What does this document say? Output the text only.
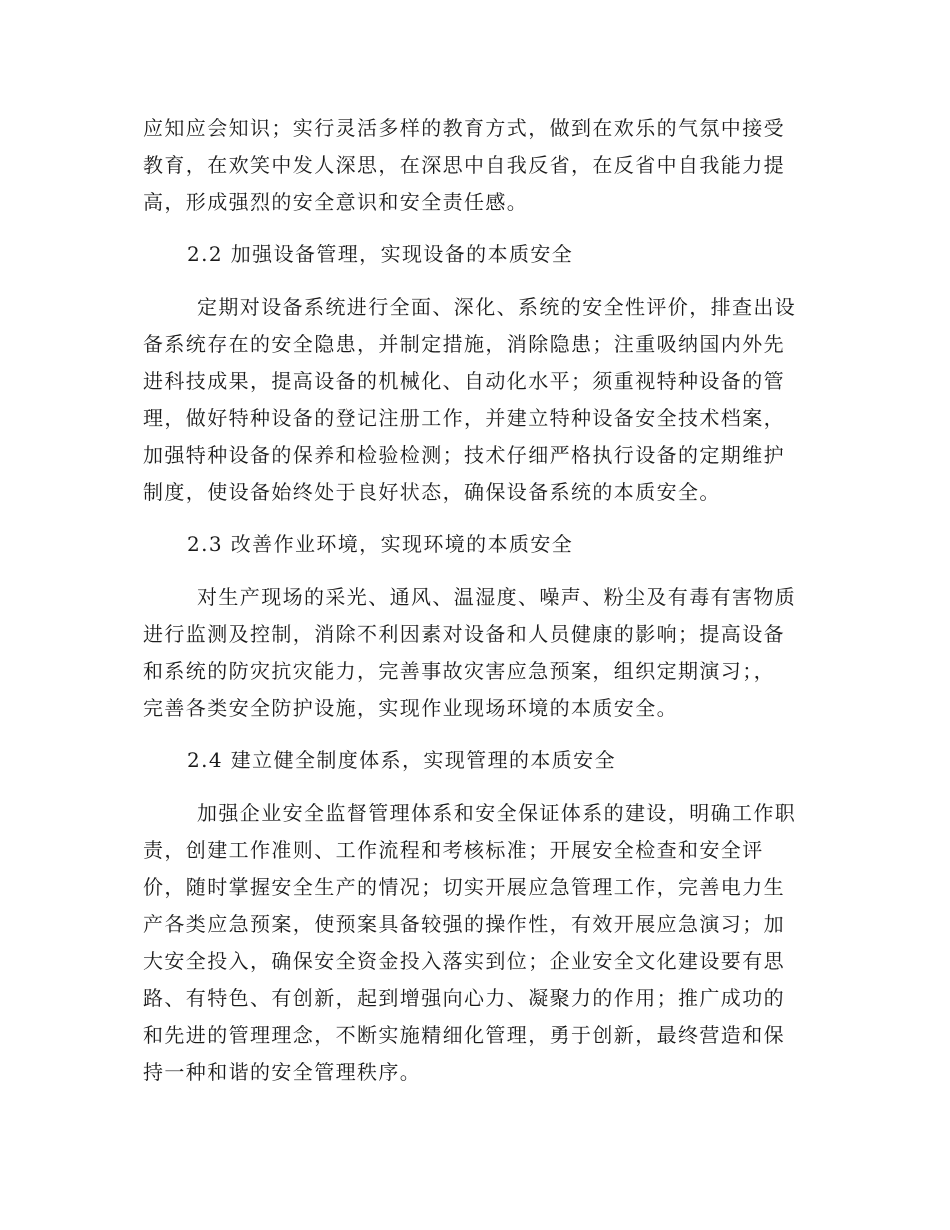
应知应会知识；实行灵活多样的教育方式，做到在欢乐的气氛中接受
教育，在欢笑中发人深思，在深思中自我反省，在反省中自我能力提
高，形成强烈的安全意识和安全责任感。
2.2 加强设备管理，实现设备的本质安全
定期对设备系统进行全面、深化、系统的安全性评价，排查出设
备系统存在的安全隐患，并制定措施，消除隐患；注重吸纳国内外先
进科技成果，提高设备的机械化、自动化水平；须重视特种设备的管
理，做好特种设备的登记注册工作，并建立特种设备安全技术档案，
加强特种设备的保养和检验检测；技术仔细严格执行设备的定期维护
制度，使设备始终处于良好状态，确保设备系统的本质安全。
2.3 改善作业环境，实现环境的本质安全
对生产现场的采光、通风、温湿度、噪声、粉尘及有毒有害物质
进行监测及控制，消除不利因素对设备和人员健康的影响；提高设备
和系统的防灾抗灾能力，完善事故灾害应急预案，组织定期演习；，
完善各类安全防护设施，实现作业现场环境的本质安全。
2.4 建立健全制度体系，实现管理的本质安全
加强企业安全监督管理体系和安全保证体系的建设，明确工作职
责，创建工作准则、工作流程和考核标准；开展安全检查和安全评
价，随时掌握安全生产的情况；切实开展应急管理工作，完善电力生
产各类应急预案，使预案具备较强的操作性，有效开展应急演习；加
大安全投入，确保安全资金投入落实到位；企业安全文化建设要有思
路、有特色、有创新，起到增强向心力、凝聚力的作用；推广成功的
和先进的管理理念，不断实施精细化管理，勇于创新，最终营造和保
持一种和谐的安全管理秩序。
